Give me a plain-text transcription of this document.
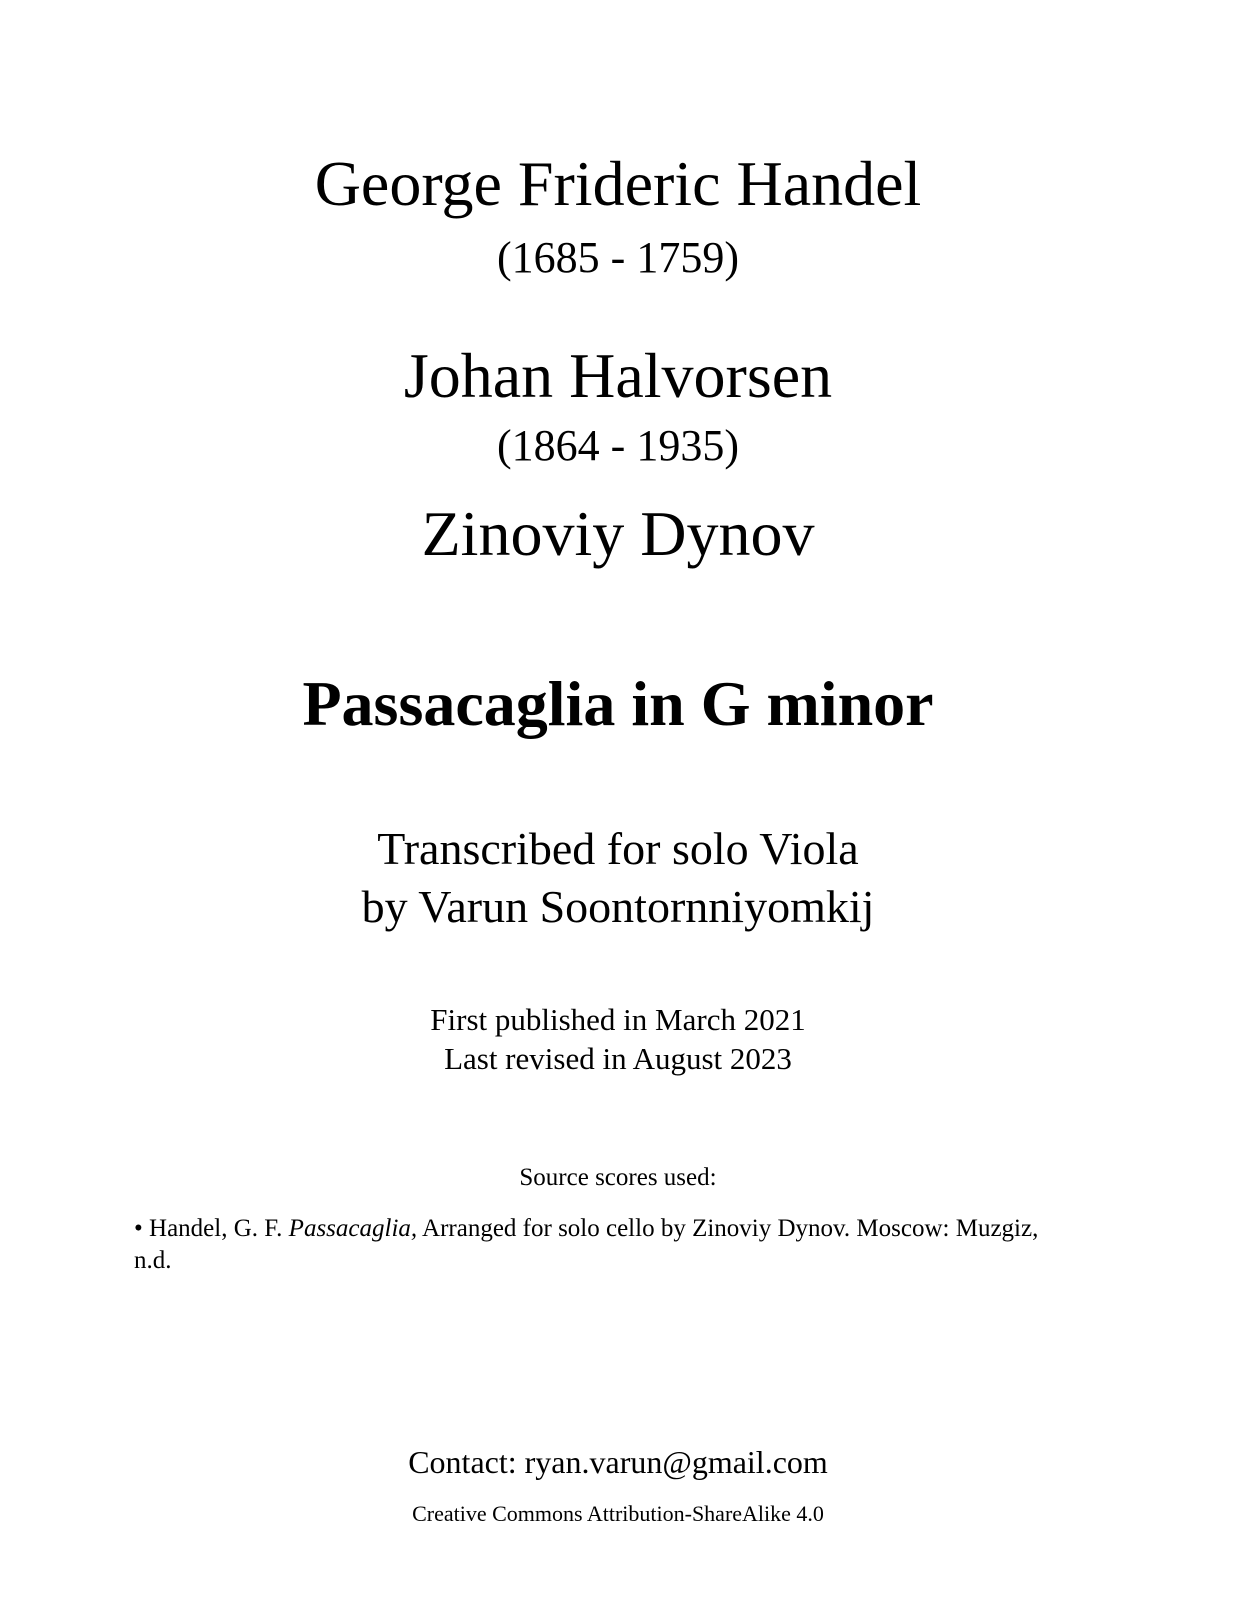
George Frideric Handel
(1685 - 1759)
Johan Halvorsen
(1864 - 1935)
Zinoviy Dynov
Passacaglia in G minor
Transcribed for solo Viola
by Varun Soontornniyomkij
First published in March 2021
Last revised in August 2023
Source scores used:
• Handel, G. F. Passacaglia, Arranged for solo cello by Zinoviy Dynov. Moscow: Muzgiz, n.d.
Contact: ryan.varun@gmail.com
Creative Commons Attribution-ShareAlike 4.0
